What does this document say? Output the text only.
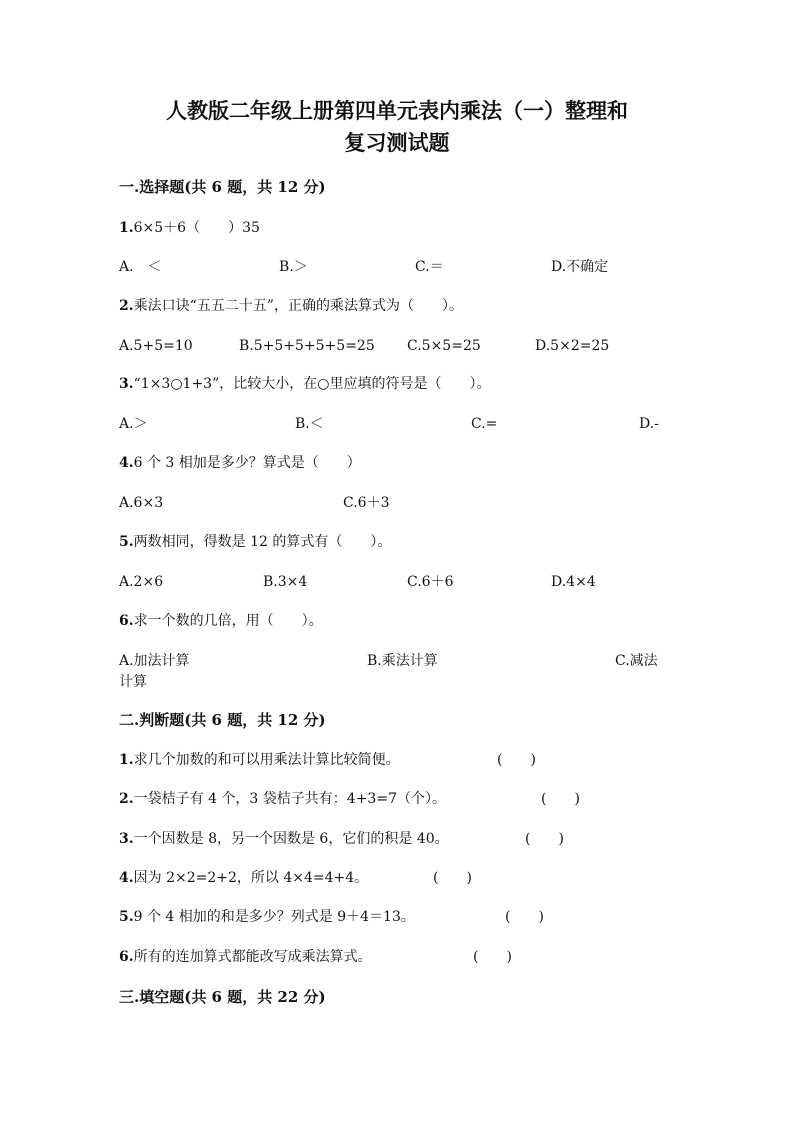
人教版二年级上册第四单元表内乘法（一）整理和
复习测试题
一.选择题(共 6 题，共 12 分)
1.6×5＋6（　　）35
A.　＜	B.＞	C.＝	D.不确定
2.乘法口诀“五五二十五”，正确的乘法算式为（　　）。
A.5+5=10	B.5+5+5+5+5=25 C.5×5=25	D.5×2=25
3.“1×3○1+3”，比较大小，在○里应填的符号是（　　）。
A.＞	B.＜	C.=	D.-
4.6 个 3 相加是多少？算式是（　　）
A.6×3	C.6＋3
5.两数相同，得数是 12 的算式有（　　）。
A.2×6	B.3×4	C.6＋6	D.4×4
6.求一个数的几倍，用（　　）。
A.加法计算	B.乘法计算	C.减法
计算
二.判断题(共 6 题，共 12 分)
1.求几个加数的和可以用乘法计算比较简便。	(　　)
2.一袋桔子有 4 个，3 袋桔子共有：4+3=7（个）。	(　　)
3.一个因数是 8，另一个因数是 6，它们的积是 40。	(　　)
4.因为 2×2=2+2，所以 4×4=4+4。	(　　)
5.9 个 4 相加的和是多少？列式是 9＋4＝13。	(　　)
6.所有的连加算式都能改写成乘法算式。	(　　)
三.填空题(共 6 题，共 22 分)
